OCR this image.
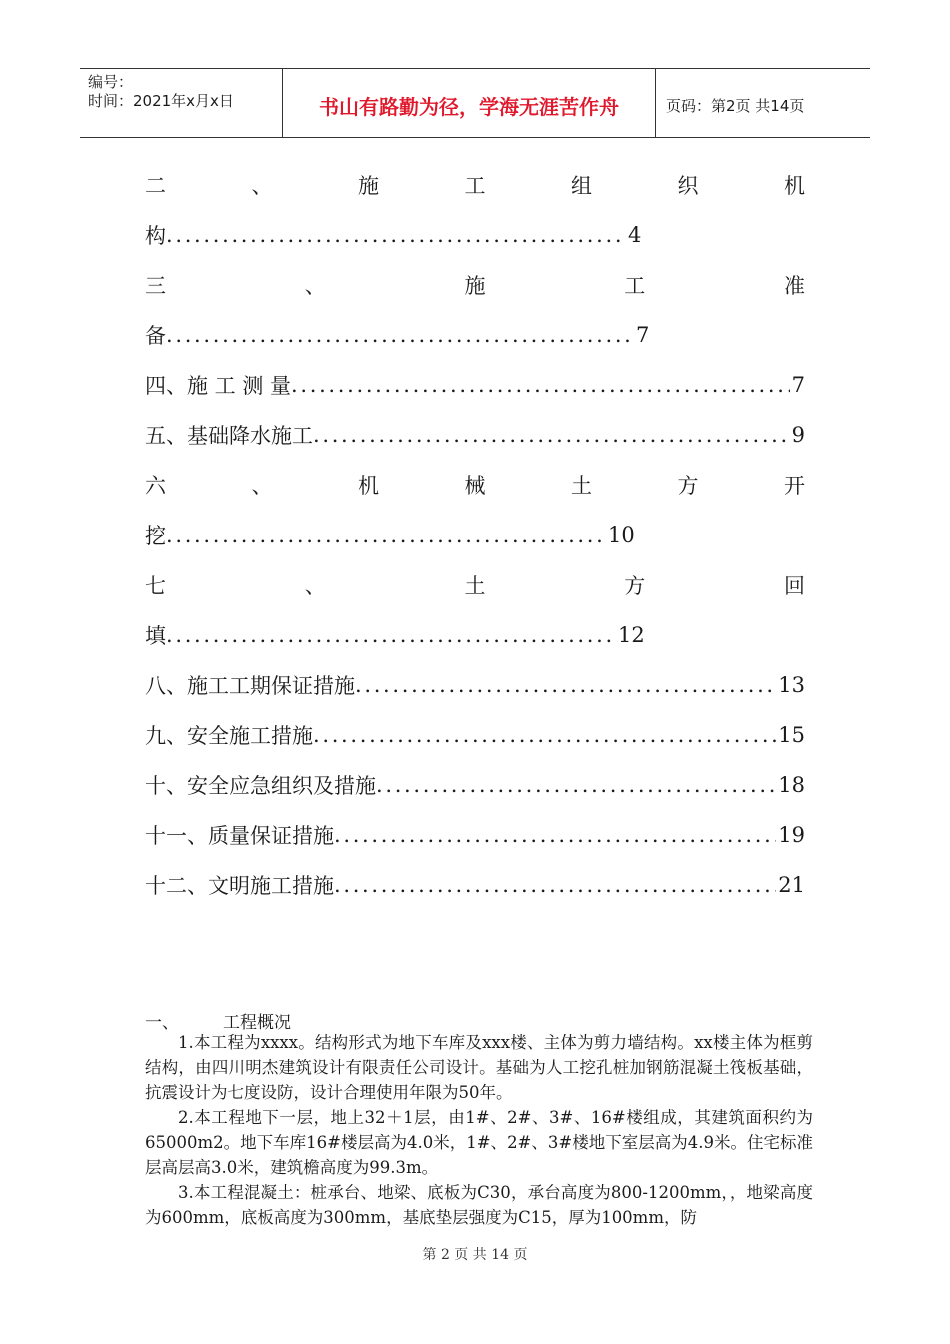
编号：
时间：2021年x月x日	书山有路勤为径，学海无涯苦作舟	页码：第2页 共14页
二	、	施	工	组	织	机
构 . . .	4
三	、	施	工	准
备 . . .	7
四、施 工 测 量 . . .	7
五、基础降水施工 . . .	9
六	、	机	械	土	方	开
挖 . . .	10
七	、	土	方	回
填 . . .	12
八、施工工期保证措施 . . .	13
九、安全施工措施 . . .	15
十、安全应急组织及措施 . . .	18
十一、质量保证措施 . . .	19
十二、文明施工措施 . . .	21
一、	工程概况

1.本工程为xxxx。结构形式为地下车库及xxx楼、主体为剪力墙结构。xx楼主体为框剪结构，由四川明杰建筑设计有限责任公司设计。基础为人工挖孔桩加钢筋混凝土筏板基础，抗震设计为七度设防，设计合理使用年限为50年。

2.本工程地下一层，地上32＋1层，由1#、2#、3#、16#楼组成，其建筑面积约为65000m2。地下车库16#楼层高为4.0米，1#、2#、3#楼地下室层高为4.9米。住宅标准层高层高3.0米，建筑檐高度为99.3m。

3.本工程混凝土：桩承台、地梁、底板为C30，承台高度为800-1200mm，，地梁高度为600mm，底板高度为300mm，基底垫层强度为C15，厚为100mm，防

第 2 页 共 14 页
